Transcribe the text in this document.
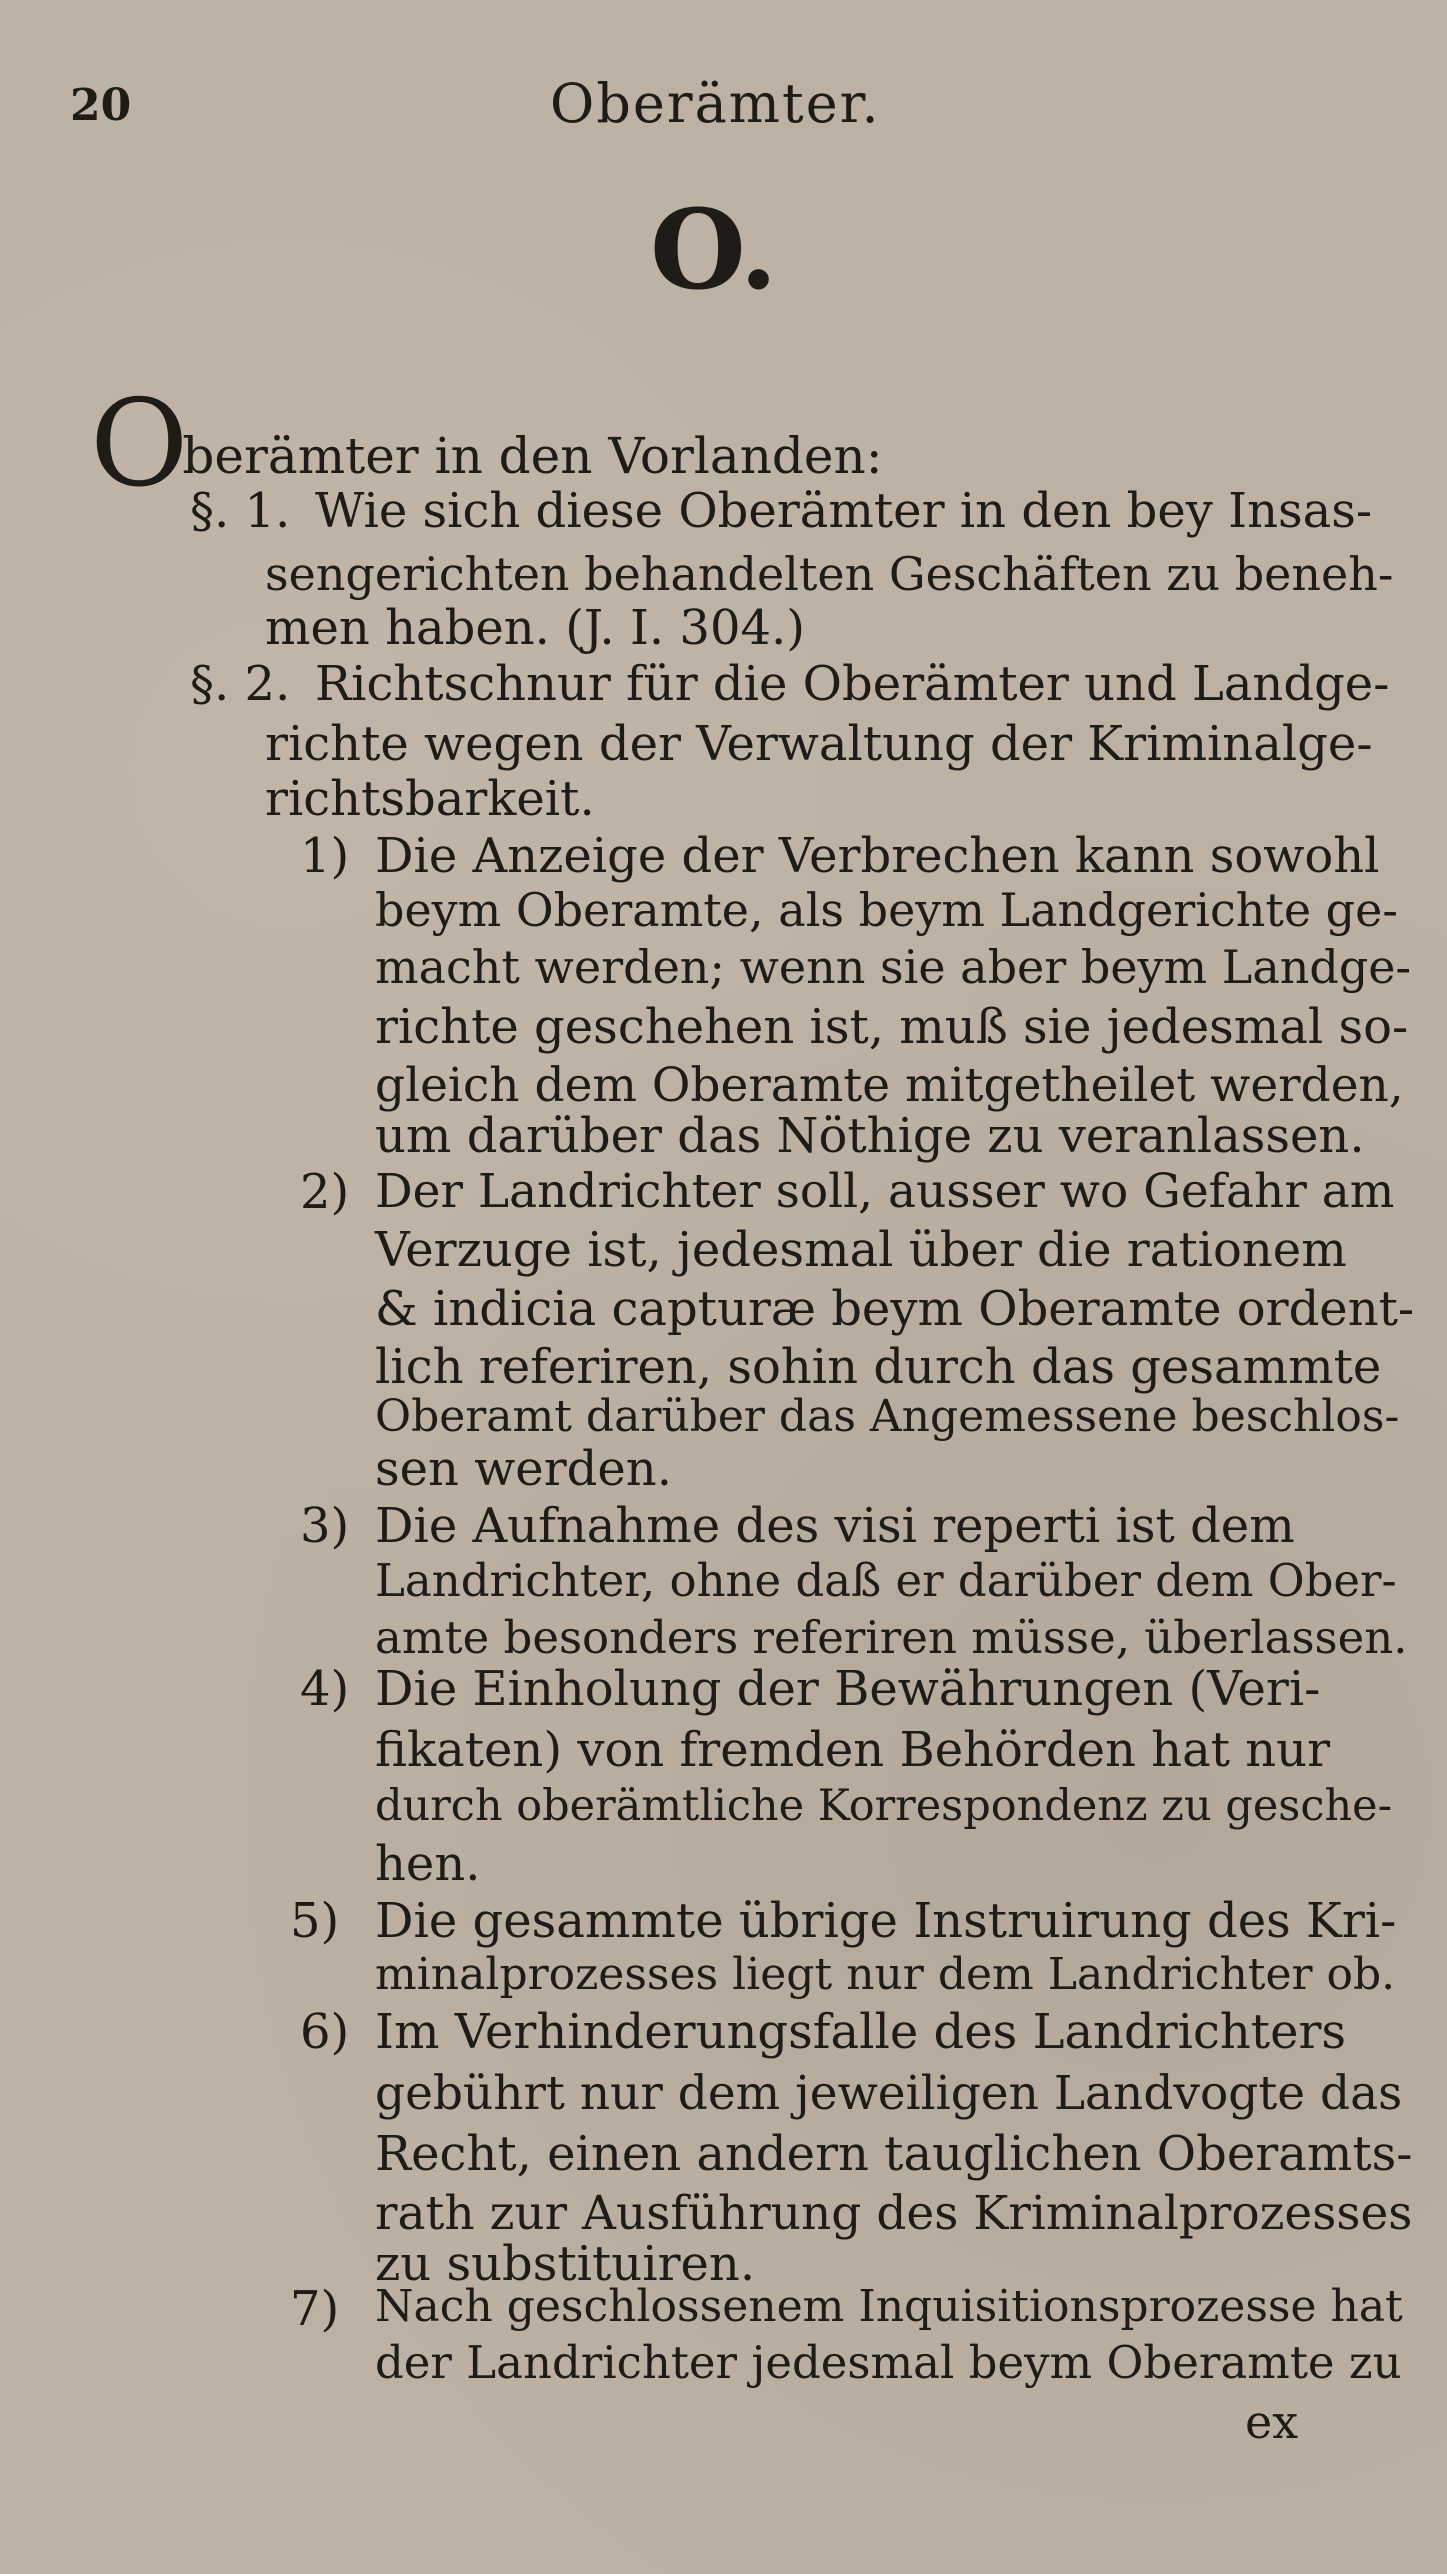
20	Oberämter.
O.
Oberämter in den Vorlanden:
§. 1. Wie sich diese Oberämter in den bey Insas-
sengerichten behandelten Geschäften zu beneh-
men haben. (J. I. 304.)
§. 2. Richtschnur für die Oberämter und Landge-
richte wegen der Verwaltung der Kriminalge-
richtsbarkeit.
1) Die Anzeige der Verbrechen kann sowohl
beym Oberamte, als beym Landgerichte ge-
macht werden; wenn sie aber beym Landge-
richte geschehen ist, muß sie jedesmal so-
gleich dem Oberamte mitgetheilet werden,
um darüber das Nöthige zu veranlassen.
2) Der Landrichter soll, ausser wo Gefahr am
Verzuge ist, jedesmal über die rationem
& indicia capturæ beym Oberamte ordent-
lich referiren, sohin durch das gesammte
Oberamt darüber das Angemessene beschlos-
sen werden.
3) Die Aufnahme des visi reperti ist dem
Landrichter, ohne daß er darüber dem Ober-
amte besonders referiren müsse, überlassen.
4) Die Einholung der Bewährungen (Veri-
fikaten) von fremden Behörden hat nur
durch oberämtliche Korrespondenz zu gesche-
hen.
5) Die gesammte übrige Instruirung des Kri-
minalprozesses liegt nur dem Landrichter ob.
6) Im Verhinderungsfalle des Landrichters
gebührt nur dem jeweiligen Landvogte das
Recht, einen andern tauglichen Oberamts-
rath zur Ausführung des Kriminalprozesses
zu substituiren.
7) Nach geschlossenem Inquisitionsprozesse hat
der Landrichter jedesmal beym Oberamte zu
ex
